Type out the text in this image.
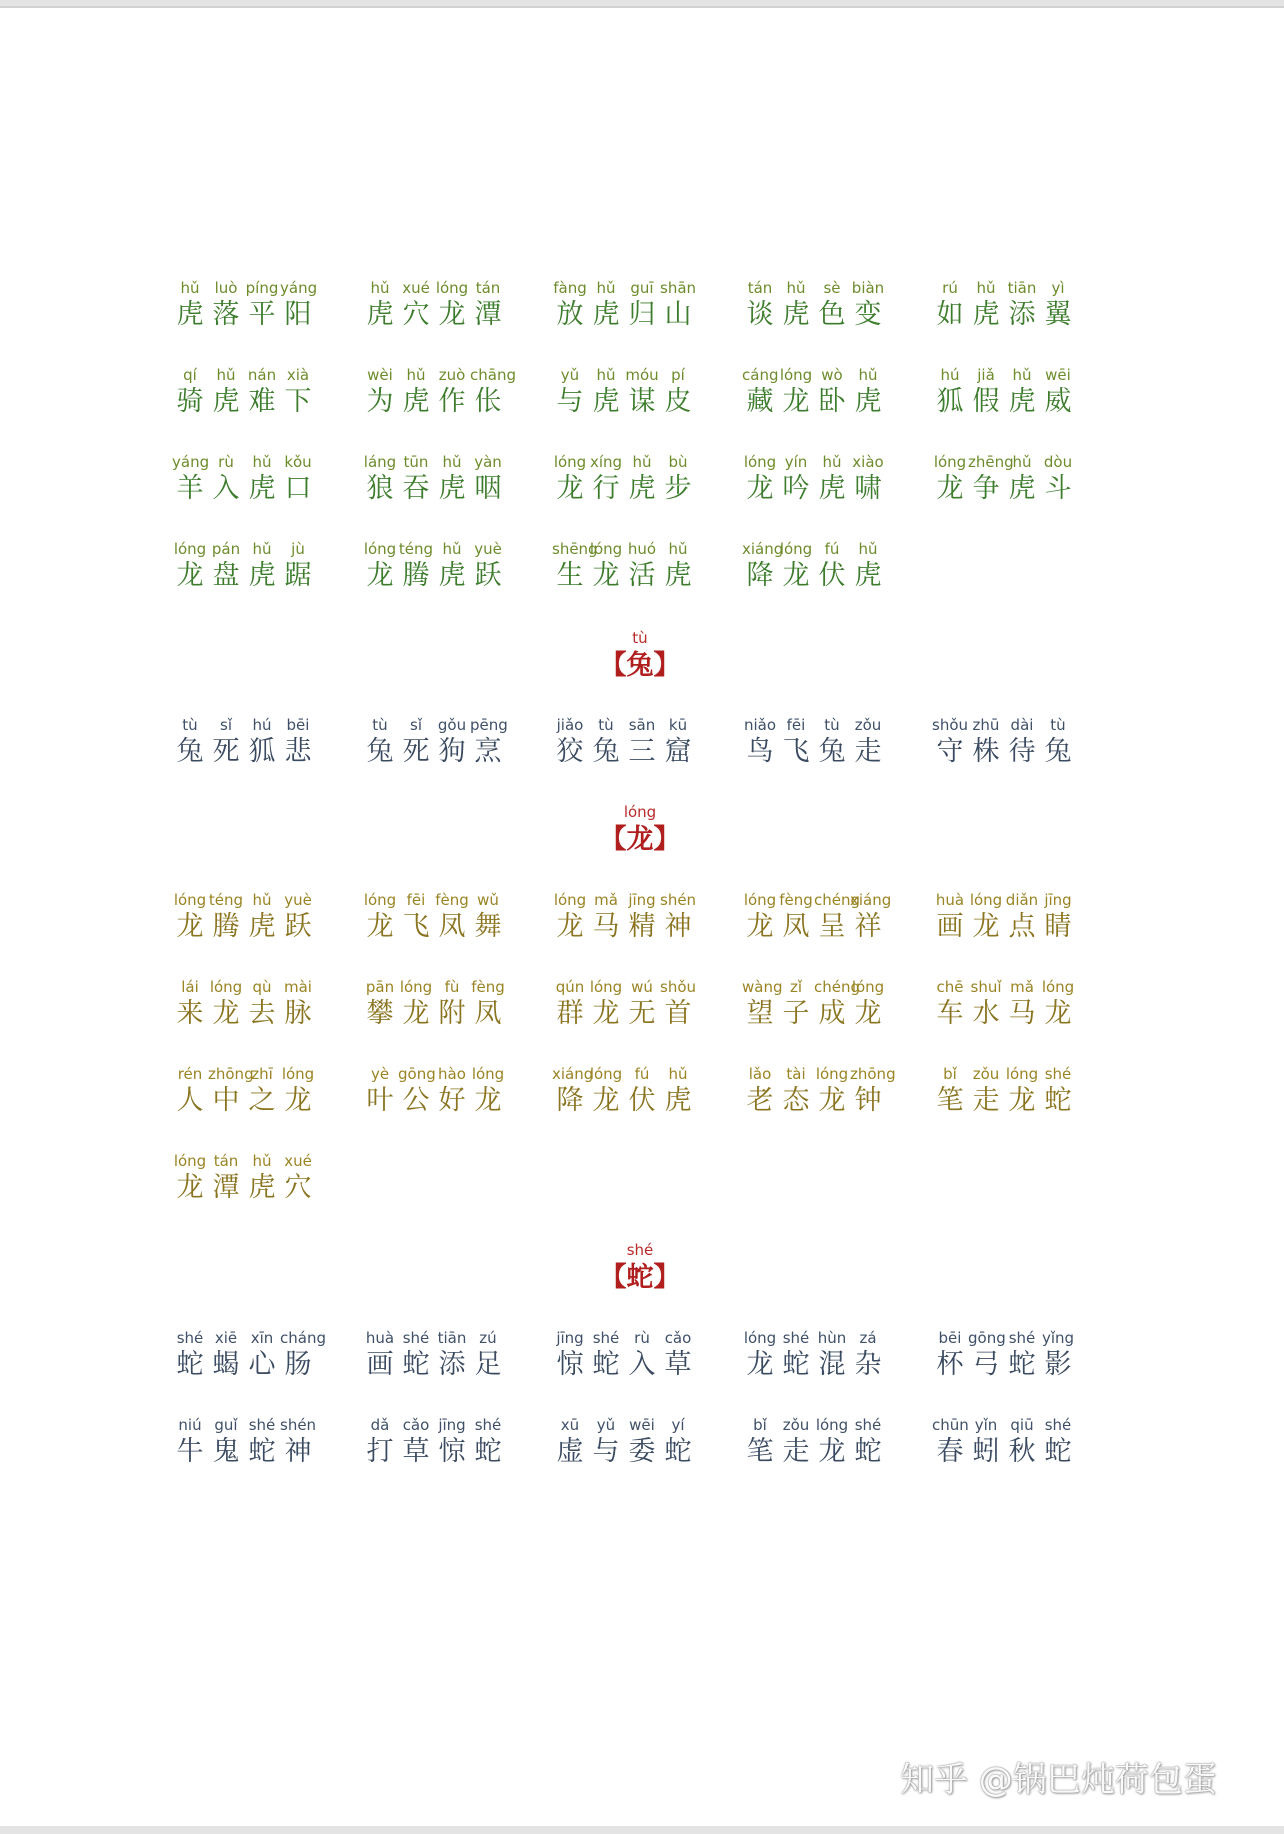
hǔ	luò píng yáng
虎 落 平 阳
hǔ xué lóng tán
虎 穴 龙 潭
fàng hǔ guī shān
放 虎 归 山
tán hǔ	sè biàn
谈 虎 色 变
rú	hǔ tiān	yì
如 虎 添 翼
qí	hǔ nán xià
骑 虎 难 下
wèi hǔ zuò chāng
为 虎 作 伥
yǔ	hǔ móu pí
与 虎 谋 皮
cáng lóng wò	hǔ
藏 龙 卧 虎
hú	jiǎ	hǔ wēi
狐 假 虎 威
yáng rù	hǔ kǒu
羊 入 虎 口
láng tūn hǔ yàn
狼 吞 虎 咽
lóng xíng hǔ	bù
龙 行 虎 步
lóng yín	hǔ xiào
龙 吟 虎 啸
lóng zhēng
hǔ dòu
龙 争 虎 斗
lóng pán hǔ	jù
龙 盘 虎 踞
lóng téng hǔ yuè
龙 腾 虎 跃
shēng
lóng huó hǔ
生 龙 活 虎
xiáng
lóng fú	hǔ
降 龙 伏 虎
tù
【兔】
tù	sǐ	hú	bēi
兔 死 狐 悲
tù	sǐ	gǒu pēng
兔 死 狗 烹
jiǎo tù	sān kū
狡 兔 三 窟
niǎo fēi	tù	zǒu
鸟 飞 兔 走
shǒu zhū dài	tù
守 株 待 兔
lóng
【龙】
lóng téng hǔ yuè
龙 腾 虎 跃
lóng fēi fèng wǔ
龙 飞 凤 舞
lóng mǎ jīng shén
龙 马 精 神
lóng fèng chéng
xiáng
龙 凤 呈 祥
huà lóng diǎn jīng
画 龙 点 睛
lái lóng qù mài
来 龙 去 脉
pān lóng fù fèng
攀 龙 附 凤
qún lóng wú shǒu
群 龙 无 首
wàng zǐ chéng
lóng
望 子 成 龙
chē shuǐ mǎ lóng
车 水 马 龙
rén zhōng
zhī lóng
人 中 之 龙
yè gōng hào lóng
叶 公 好 龙
xiáng
lóng fú	hǔ
降 龙 伏 虎
lǎo	tài lóng zhōng
老 态 龙 钟
bǐ	zǒu lóng shé
笔 走 龙 蛇
lóng tán hǔ xué
龙 潭 虎 穴
shé
【蛇】
shé xiē xīn cháng
蛇 蝎 心 肠
huà shé tiān zú
画 蛇 添 足
jīng shé rù cǎo
惊 蛇 入 草
lóng shé hùn zá
龙 蛇 混 杂
bēi gōng shé yǐng
杯 弓 蛇 影
niú guǐ shé shén
牛 鬼 蛇 神
dǎ cǎo jīng shé
打 草 惊 蛇
xū	yǔ wēi	yí
虚 与 委 蛇
bǐ	zǒu lóng shé
笔 走 龙 蛇
chūn yǐn qiū shé
春 蚓 秋 蛇
知乎 @锅巴炖荷包蛋
